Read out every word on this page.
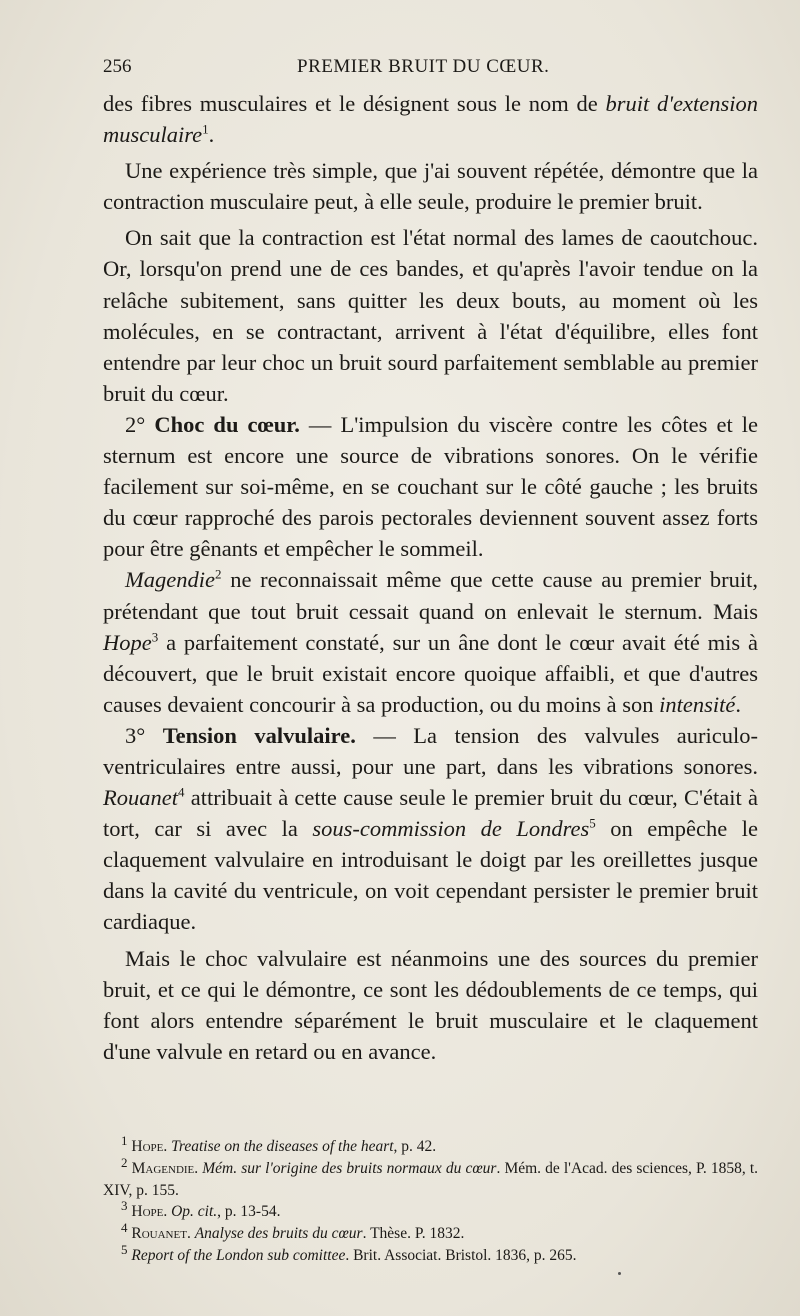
256	PREMIER BRUIT DU CŒUR.

des fibres musculaires et le désignent sous le nom de bruit d'extension musculaire$^1$.

Une expérience très simple, que j'ai souvent répétée, démontre que la contraction musculaire peut, à elle seule, produire le premier bruit.

On sait que la contraction est l'état normal des lames de caoutchouc. Or, lorsqu'on prend une de ces bandes, et qu'après l'avoir tendue on la relâche subitement, sans quitter les deux bouts, au moment où les molécules, en se contractant, arrivent à l'état d'équilibre, elles font entendre par leur choc un bruit sourd parfaitement semblable au premier bruit du cœur.

2° Choc du cœur. — L'impulsion du viscère contre les côtes et le sternum est encore une source de vibrations sonores. On le vérifie facilement sur soi-même, en se couchant sur le côté gauche ; les bruits du cœur rapproché des parois pectorales deviennent souvent assez forts pour être gênants et empêcher le sommeil.

Magendie$^2$ ne reconnaissait même que cette cause au premier bruit, prétendant que tout bruit cessait quand on enlevait le sternum. Mais Hope$^3$ a parfaitement constaté, sur un âne dont le cœur avait été mis à découvert, que le bruit existait encore quoique affaibli, et que d'autres causes devaient concourir à sa production, ou du moins à son intensité.

3° Tension valvulaire. — La tension des valvules auriculo-ventriculaires entre aussi, pour une part, dans les vibrations sonores. Rouanet$^4$ attribuait à cette cause seule le premier bruit du cœur, C'était à tort, car si avec la sous-commission de Londres$^5$ on empêche le claquement valvulaire en introduisant le doigt par les oreillettes jusque dans la cavité du ventricule, on voit cependant persister le premier bruit cardiaque.

Mais le choc valvulaire est néanmoins une des sources du premier bruit, et ce qui le démontre, ce sont les dédoublements de ce temps, qui font alors entendre séparément le bruit musculaire et le claquement d'une valvule en retard ou en avance.

$^1$ Hope. Treatise on the diseases of the heart, p. 42.

$^2$ Magendie. Mém. sur l'origine des bruits normaux du cœur. Mém. de l'Acad. des sciences, P. 1858, t. XIV, p. 155.

$^3$ Hope. Op. cit., p. 13-54.

$^4$ Rouanet. Analyse des bruits du cœur. Thèse. P. 1832.

$^5$ Report of the London sub comittee. Brit. Associat. Bristol. 1836, p. 265.
